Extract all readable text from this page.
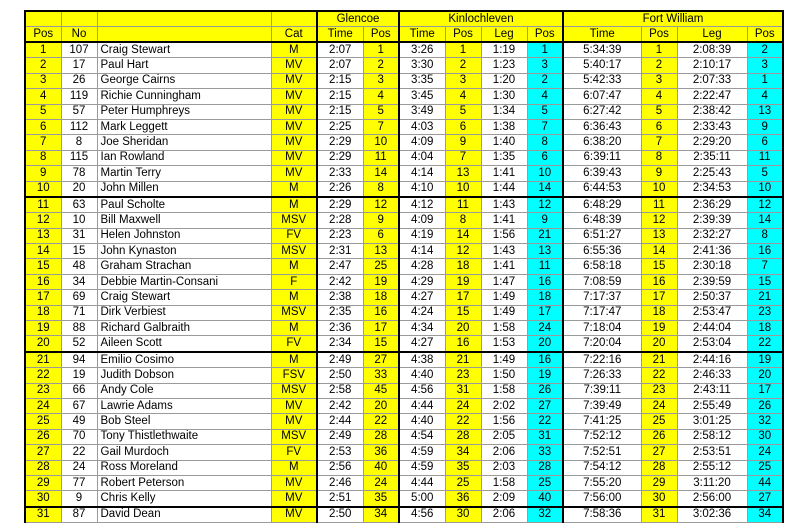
				Glencoe		Kinlochleven				Fort William			
Pos	No		Cat	Time	Pos	Time	Pos	Leg	Pos	Time	Pos	Leg	Pos
1	107	Craig Stewart	M	2:07	1	3:26	1	1:19	1	5:34:39	1	2:08:39	2
2	17	Paul Hart	MV	2:07	2	3:30	2	1:23	3	5:40:17	2	2:10:17	3
3	26	George Cairns	MV	2:15	3	3:35	3	1:20	2	5:42:33	3	2:07:33	1
4	119	Richie Cunningham	MV	2:15	4	3:45	4	1:30	4	6:07:47	4	2:22:47	4
5	57	Peter Humphreys	MV	2:15	5	3:49	5	1:34	5	6:27:42	5	2:38:42	13
6	112	Mark Leggett	MV	2:25	7	4:03	6	1:38	7	6:36:43	6	2:33:43	9
7	8	Joe Sheridan	MV	2:29	10	4:09	9	1:40	8	6:38:20	7	2:29:20	6
8	115	Ian Rowland	MV	2:29	11	4:04	7	1:35	6	6:39:11	8	2:35:11	11
9	78	Martin Terry	MV	2:33	14	4:14	13	1:41	10	6:39:43	9	2:25:43	5
10	20	John Millen	M	2:26	8	4:10	10	1:44	14	6:44:53	10	2:34:53	10
11	63	Paul Scholte	M	2:29	12	4:12	11	1:43	12	6:48:29	11	2:36:29	12
12	10	Bill Maxwell	MSV	2:28	9	4:09	8	1:41	9	6:48:39	12	2:39:39	14
13	31	Helen Johnston	FV	2:23	6	4:19	14	1:56	21	6:51:27	13	2:32:27	8
14	15	John Kynaston	MSV	2:31	13	4:14	12	1:43	13	6:55:36	14	2:41:36	16
15	48	Graham Strachan	M	2:47	25	4:28	18	1:41	11	6:58:18	15	2:30:18	7
16	34	Debbie Martin-Consani	F	2:42	19	4:29	19	1:47	16	7:08:59	16	2:39:59	15
17	69	Craig Stewart	M	2:38	18	4:27	17	1:49	18	7:17:37	17	2:50:37	21
18	71	Dirk Verbiest	MSV	2:35	16	4:24	15	1:49	17	7:17:47	18	2:53:47	23
19	88	Richard Galbraith	M	2:36	17	4:34	20	1:58	24	7:18:04	19	2:44:04	18
20	52	Aileen Scott	FV	2:34	15	4:27	16	1:53	20	7:20:04	20	2:53:04	22
21	94	Emilio Cosimo	M	2:49	27	4:38	21	1:49	16	7:22:16	21	2:44:16	19
22	19	Judith Dobson	FSV	2:50	33	4:40	23	1:50	19	7:26:33	22	2:46:33	20
23	66	Andy Cole	MSV	2:58	45	4:56	31	1:58	26	7:39:11	23	2:43:11	17
24	67	Lawrie Adams	MV	2:42	20	4:44	24	2:02	27	7:39:49	24	2:55:49	26
25	49	Bob Steel	MV	2:44	22	4:40	22	1:56	22	7:41:25	25	3:01:25	32
26	70	Tony Thistlethwaite	MSV	2:49	28	4:54	28	2:05	31	7:52:12	26	2:58:12	30
27	22	Gail Murdoch	FV	2:53	36	4:59	34	2:06	33	7:52:51	27	2:53:51	24
28	24	Ross Moreland	M	2:56	40	4:59	35	2:03	28	7:54:12	28	2:55:12	25
29	77	Robert Peterson	MV	2:46	24	4:44	25	1:58	25	7:55:20	29	3:11:20	44
30	9	Chris Kelly	MV	2:51	35	5:00	36	2:09	40	7:56:00	30	2:56:00	27
31	87	David Dean	MV	2:50	34	4:56	30	2:06	32	7:58:36	31	3:02:36	34
